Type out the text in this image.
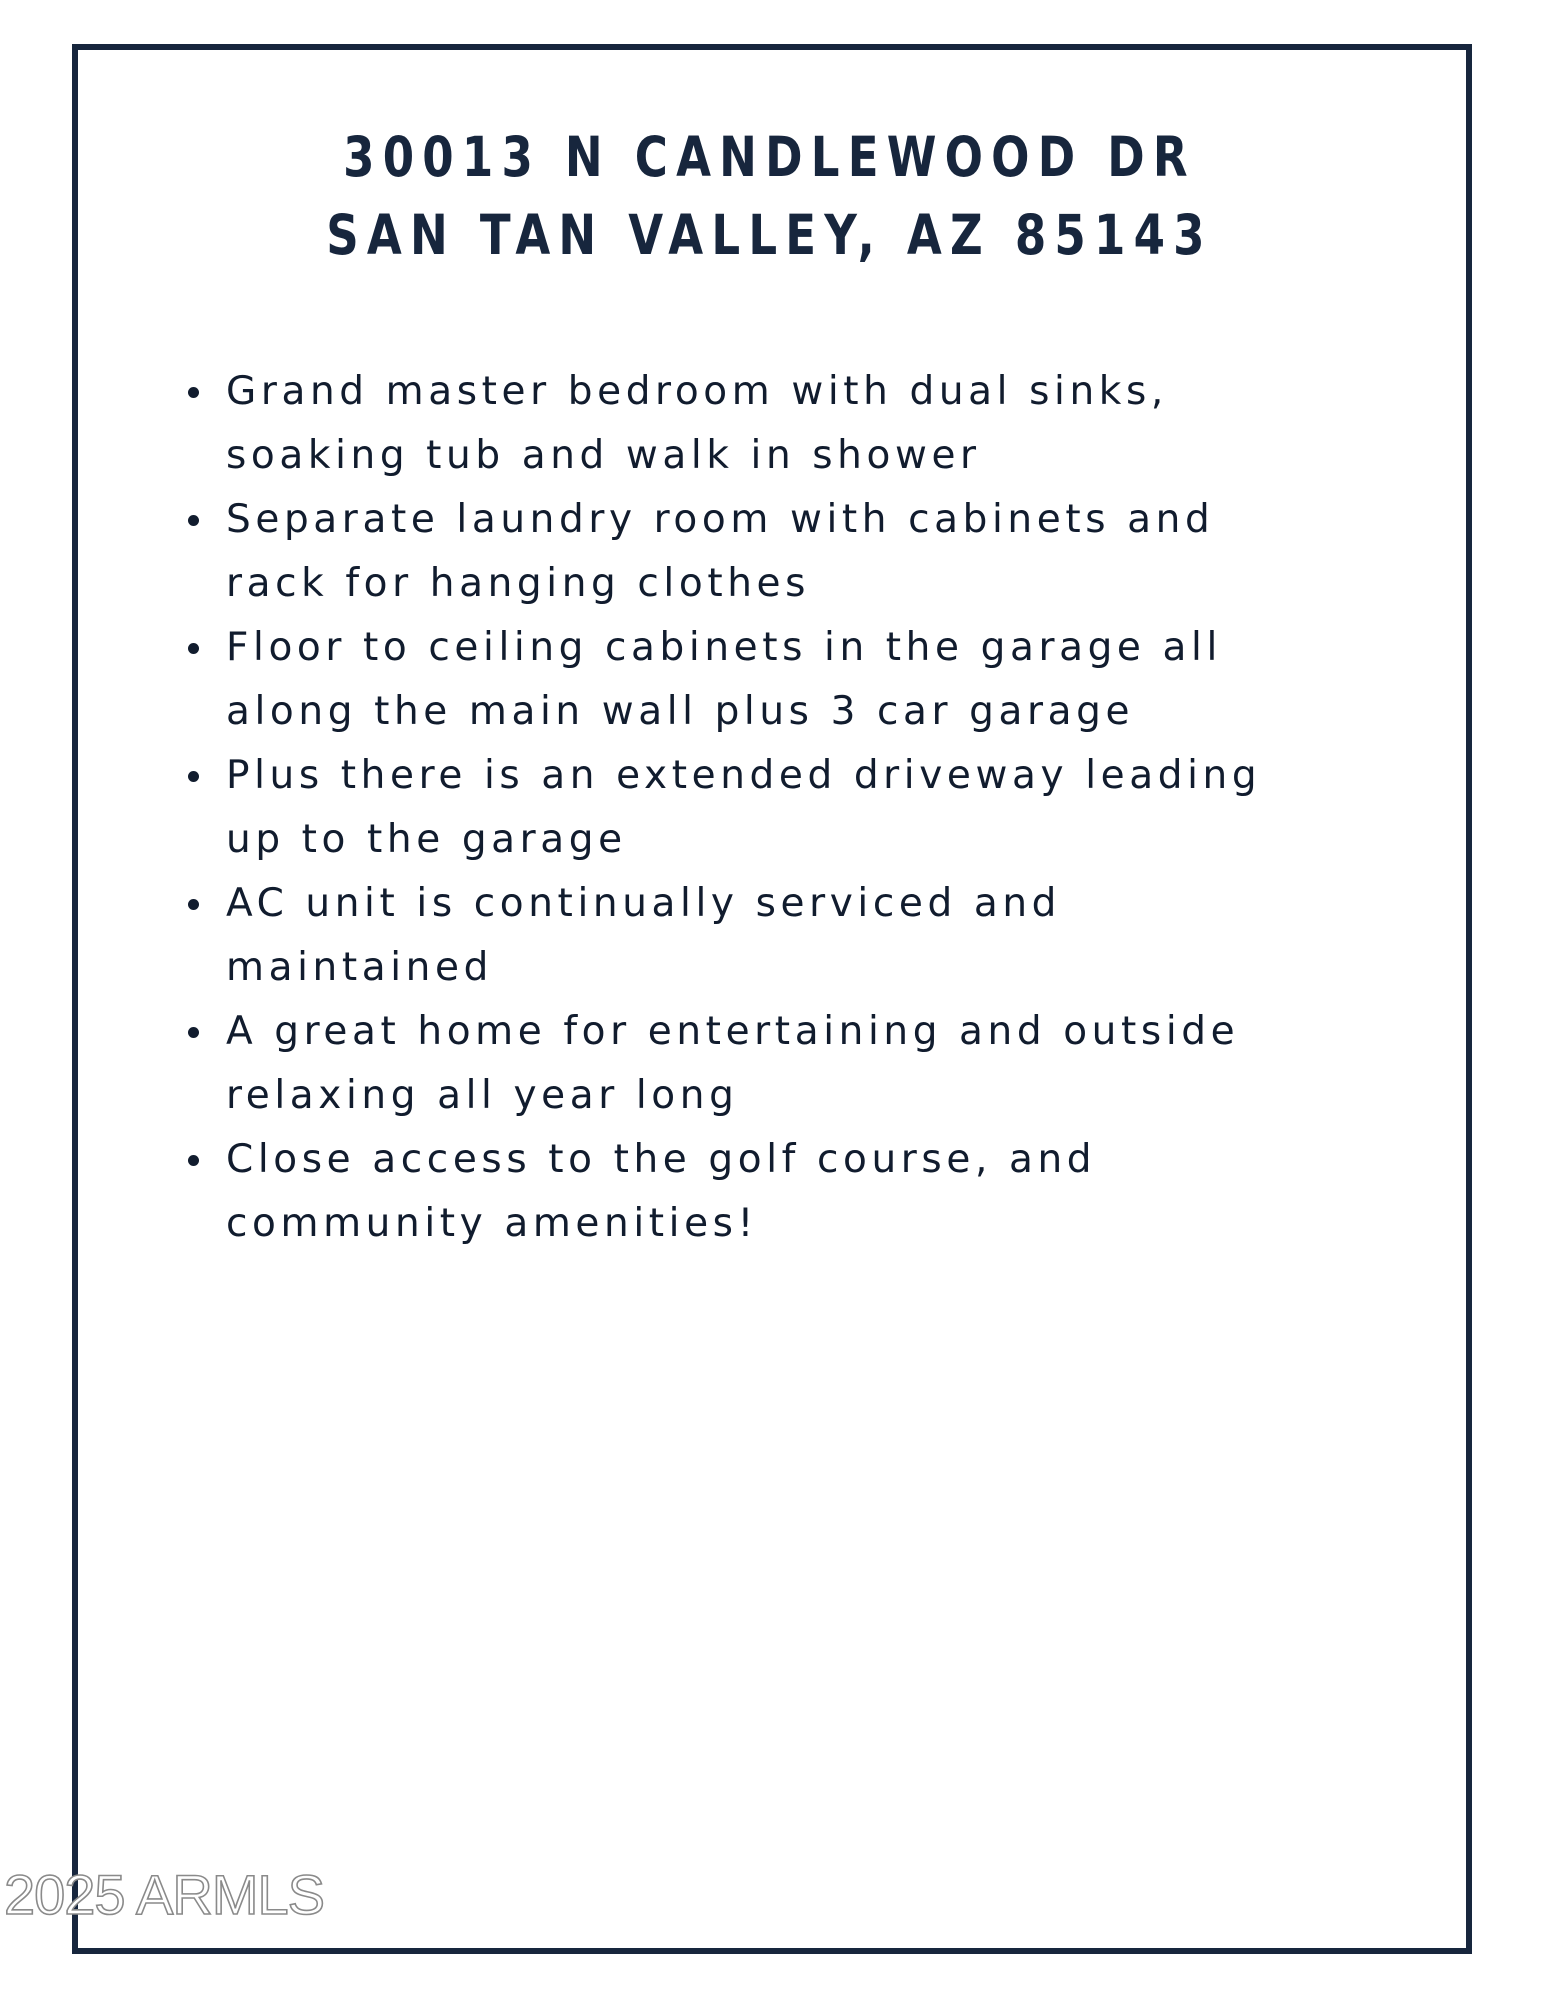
30013 N CANDLEWOOD DR
SAN TAN VALLEY, AZ 85143
Grand master bedroom with dual sinks,
soaking tub and walk in shower
Separate laundry room with cabinets and
rack for hanging clothes
Floor to ceiling cabinets in the garage all
along the main wall plus 3 car garage
Plus there is an extended driveway leading
up to the garage
AC unit is continually serviced and
maintained
A great home for entertaining and outside
relaxing all year long
Close access to the golf course, and
community amenities!
2025 ARMLS
